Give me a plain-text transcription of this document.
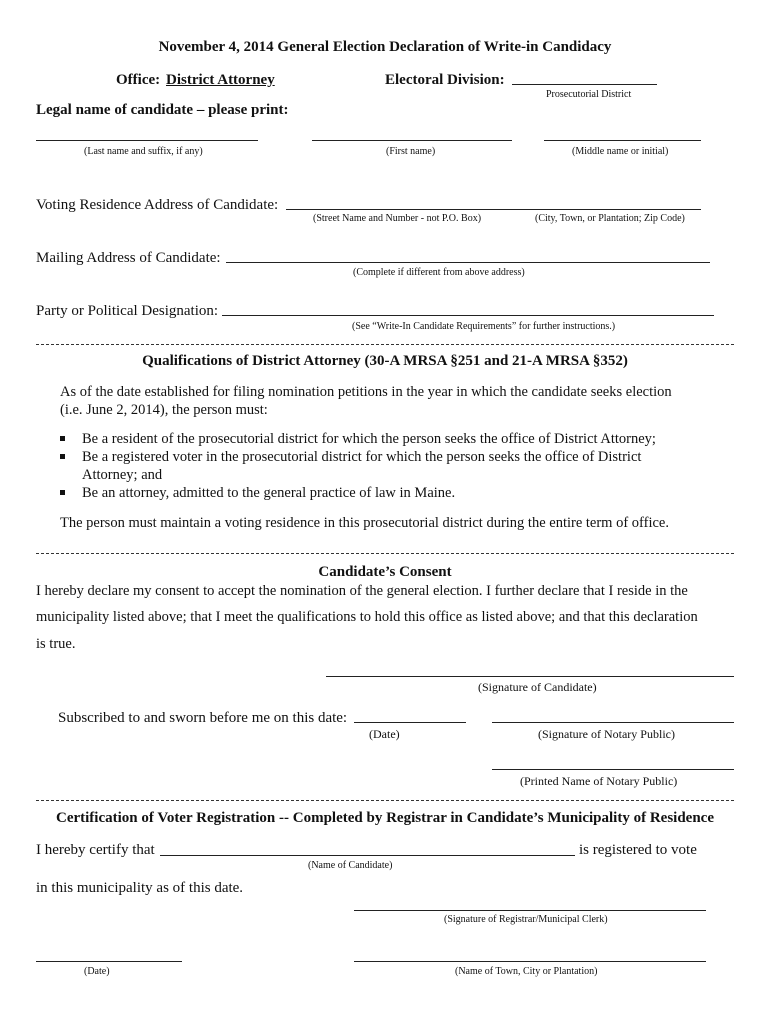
November 4, 2014 General Election Declaration of Write-in Candidacy
Office: District Attorney	Electoral Division:
Prosecutorial District
Legal name of candidate – please print:
(Last name and suffix, if any)	(First name)	(Middle name or initial)
Voting Residence Address of Candidate:
(Street Name and Number - not P.O. Box)	(City, Town, or Plantation; Zip Code)
Mailing Address of Candidate:
(Complete if different from above address)
Party or Political Designation:
(See “Write-In Candidate Requirements” for further instructions.)
Qualifications of District Attorney (30-A MRSA §251 and 21-A MRSA §352)
As of the date established for filing nomination petitions in the year in which the candidate seeks election
(i.e. June 2, 2014), the person must:
Be a resident of the prosecutorial district for which the person seeks the office of District Attorney;
Be a registered voter in the prosecutorial district for which the person seeks the office of District Attorney; and
Be an attorney, admitted to the general practice of law in Maine.
The person must maintain a voting residence in this prosecutorial district during the entire term of office.
Candidate’s Consent
I hereby declare my consent to accept the nomination of the general election. I further declare that I reside in the
municipality listed above; that I meet the qualifications to hold this office as listed above; and that this declaration
is true.
(Signature of Candidate)
Subscribed to and sworn before me on this date:
(Date)	(Signature of Notary Public)
(Printed Name of Notary Public)
Certification of Voter Registration -- Completed by Registrar in Candidate’s Municipality of Residence
I hereby certify that	is registered to vote
(Name of Candidate)
in this municipality as of this date.
(Signature of Registrar/Municipal Clerk)
(Date)	(Name of Town, City or Plantation)
